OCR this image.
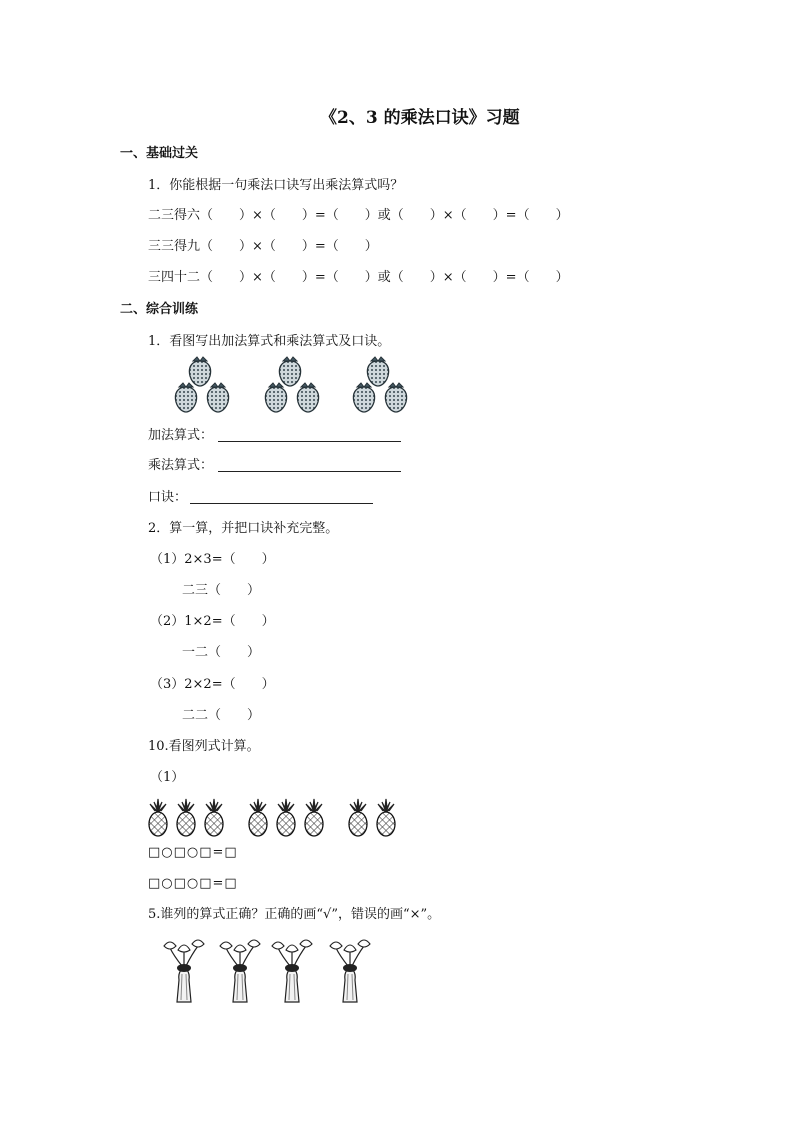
《2、3 的乘法口诀》习题
一、基础过关
1．你能根据一句乘法口诀写出乘法算式吗？
二三得六（　　）×（　　）=（　　）或（　　）×（　　）=（　　）
三三得九（　　）×（　　）=（　　）
三四十二（　　）×（　　）=（　　）或（　　）×（　　）=（　　）
二、综合训练
1．看图写出加法算式和乘法算式及口诀。
加法算式：
乘法算式：
口诀：
2．算一算，并把口诀补充完整。
（1）2×3=（　　）
二三（　　）
（2）1×2=（　　）
一二（　　）
（3）2×2=（　　）
二二（　　）
10.看图列式计算。
（1）
□○□○□=□
□○□○□=□
5.谁列的算式正确？正确的画“√”，错误的画“×”。
